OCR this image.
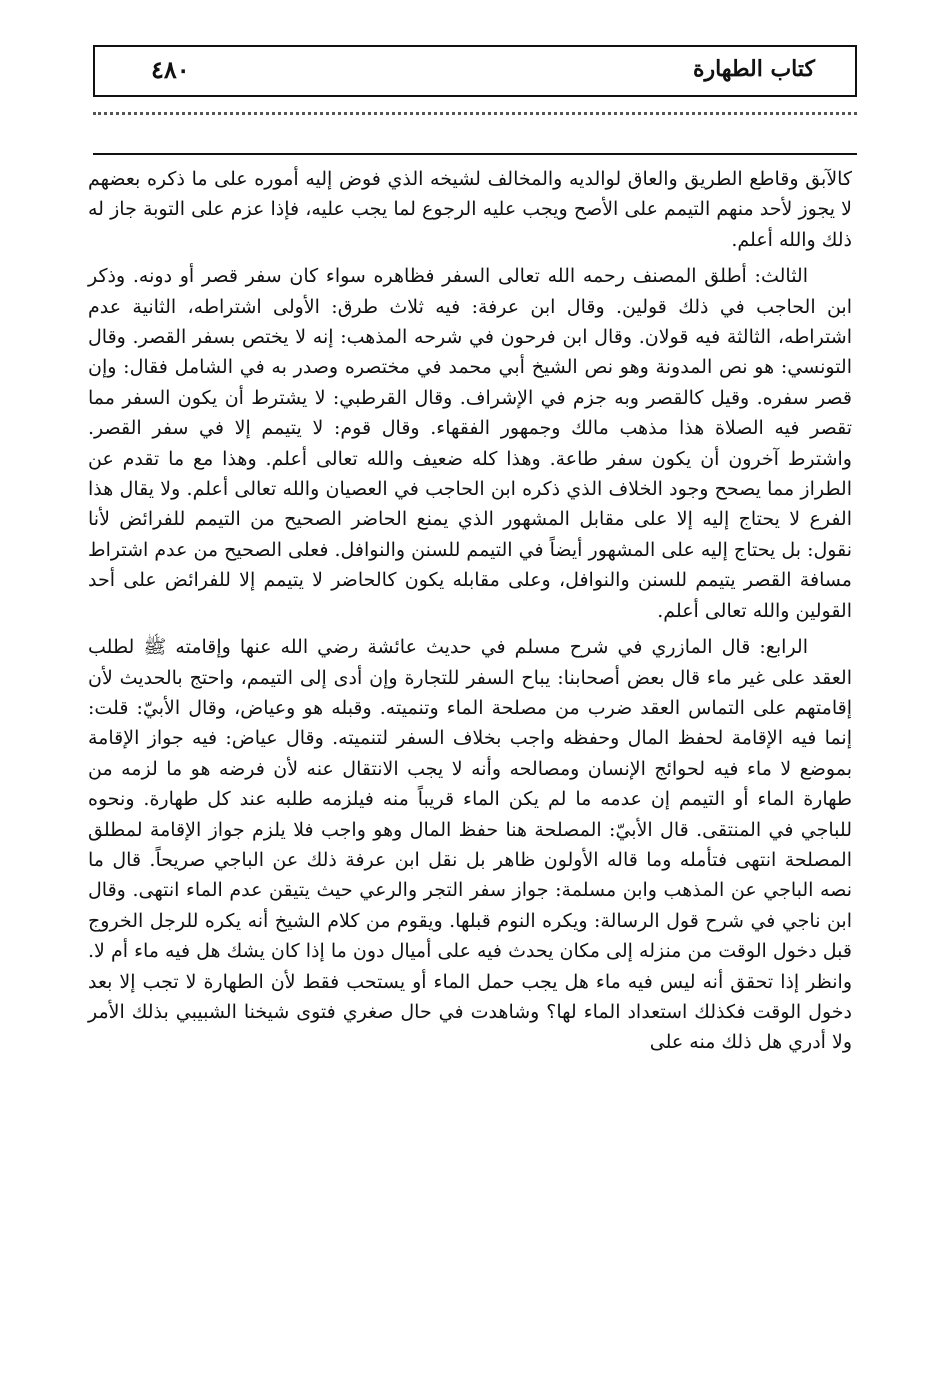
٤٨٠	كتاب الطهارة

كالآبق وقاطع الطريق والعاق لوالديه والمخالف لشيخه الذي فوض إليه أموره على ما ذكره بعضهم لا يجوز لأحد منهم التيمم على الأصح ويجب عليه الرجوع لما يجب عليه، فإذا عزم على التوبة جاز له ذلك والله أعلم.

الثالث: أطلق المصنف رحمه الله تعالى السفر فظاهره سواء كان سفر قصر أو دونه. وذكر ابن الحاجب في ذلك قولين. وقال ابن عرفة: فيه ثلاث طرق: الأولى اشتراطه، الثانية عدم اشتراطه، الثالثة فيه قولان. وقال ابن فرحون في شرحه المذهب: إنه لا يختص بسفر القصر. وقال التونسي: هو نص المدونة وهو نص الشيخ أبي محمد في مختصره وصدر به في الشامل فقال: وإن قصر سفره. وقيل كالقصر وبه جزم في الإشراف. وقال القرطبي: لا يشترط أن يكون السفر مما تقصر فيه الصلاة هذا مذهب مالك وجمهور الفقهاء. وقال قوم: لا يتيمم إلا في سفر القصر. واشترط آخرون أن يكون سفر طاعة. وهذا كله ضعيف والله تعالى أعلم. وهذا مع ما تقدم عن الطراز مما يصحح وجود الخلاف الذي ذكره ابن الحاجب في العصيان والله تعالى أعلم. ولا يقال هذا الفرع لا يحتاج إليه إلا على مقابل المشهور الذي يمنع الحاضر الصحيح من التيمم للفرائض لأنا نقول: بل يحتاج إليه على المشهور أيضاً في التيمم للسنن والنوافل. فعلى الصحيح من عدم اشتراط مسافة القصر يتيمم للسنن والنوافل، وعلى مقابله يكون كالحاضر لا يتيمم إلا للفرائض على أحد القولين والله تعالى أعلم.

الرابع: قال المازري في شرح مسلم في حديث عائشة رضي الله عنها وإقامته ﷺ لطلب العقد على غير ماء قال بعض أصحابنا: يباح السفر للتجارة وإن أدى إلى التيمم، واحتج بالحديث لأن إقامتهم على التماس العقد ضرب من مصلحة الماء وتنميته. وقبله هو وعياض، وقال الأبيّ: قلت: إنما فيه الإقامة لحفظ المال وحفظه واجب بخلاف السفر لتنميته. وقال عياض: فيه جواز الإقامة بموضع لا ماء فيه لحوائج الإنسان ومصالحه وأنه لا يجب الانتقال عنه لأن فرضه هو ما لزمه من طهارة الماء أو التيمم إن عدمه ما لم يكن الماء قريباً منه فيلزمه طلبه عند كل طهارة. ونحوه للباجي في المنتقى. قال الأبيّ: المصلحة هنا حفظ المال وهو واجب فلا يلزم جواز الإقامة لمطلق المصلحة انتهى فتأمله وما قاله الأولون ظاهر بل نقل ابن عرفة ذلك عن الباجي صريحاً. قال ما نصه الباجي عن المذهب وابن مسلمة: جواز سفر التجر والرعي حيث يتيقن عدم الماء انتهى. وقال ابن ناجي في شرح قول الرسالة: ويكره النوم قبلها. ويقوم من كلام الشيخ أنه يكره للرجل الخروج قبل دخول الوقت من منزله إلى مكان يحدث فيه على أميال دون ما إذا كان يشك هل فيه ماء أم لا. وانظر إذا تحقق أنه ليس فيه ماء هل يجب حمل الماء أو يستحب فقط لأن الطهارة لا تجب إلا بعد دخول الوقت فكذلك استعداد الماء لها؟ وشاهدت في حال صغري فتوى شيخنا الشبيبي بذلك الأمر ولا أدري هل ذلك منه على
